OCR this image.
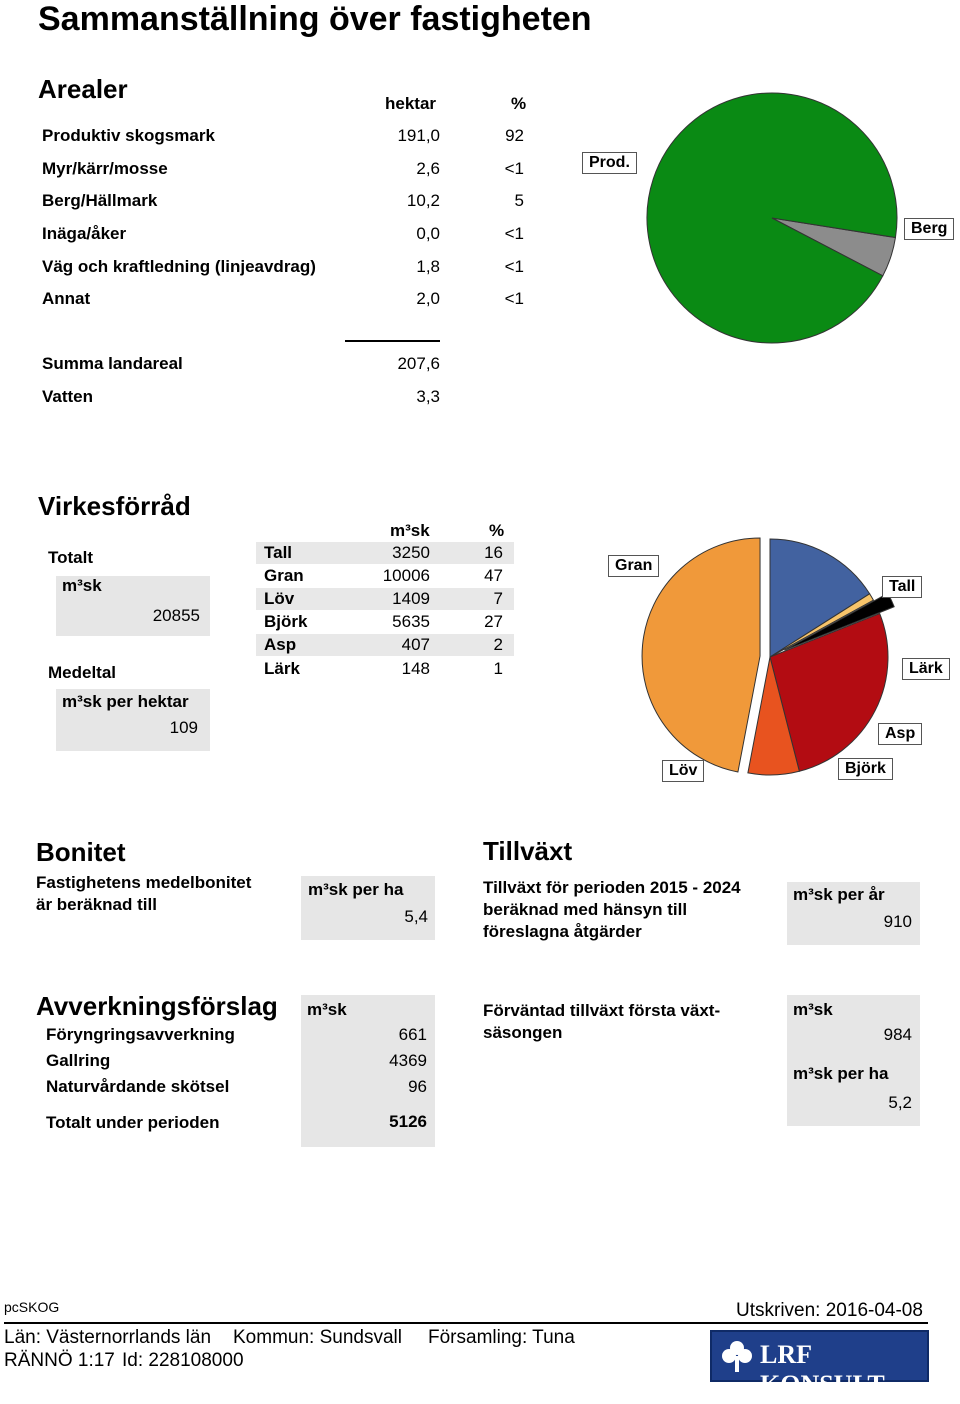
Sammanställning över fastigheten
Arealer	hektar	%
Produktiv skogsmark	191,0	92
Myr/kärr/mosse	2,6	<1
Berg/Hällmark	10,2	5
Inäga/åker	0,0	<1
Väg och kraftledning (linjeavdrag)	1,8	<1
Annat	2,0	<1
Summa landareal	207,6
Vatten	3,3
Prod.
Berg
Virkesförråd
Totalt
m³sk
20855
Medeltal
m³sk per hektar
109
m³sk	%
Tall	3250	16
Gran	10006	47
Löv	1409	7
Björk	5635	27
Asp	407	2
Lärk	148	1
Gran
Tall
Lärk
Asp
Björk
Löv
Bonitet
Fastighetens medelbonitet
är beräknad till
m³sk per ha
5,4
Tillväxt
Tillväxt för perioden 2015 - 2024
beräknad med hänsyn till
föreslagna åtgärder
m³sk per år
910
Avverkningsförslag m³sk
Föryngringsavverkning	661
Gallring	4369
Naturvårdande skötsel	96
Totalt under perioden	5126
Förväntad tillväxt första växt-
säsongen
m³sk
984
m³sk per ha
5,2
pcSKOG	Utskriven: 2016-04-08
Län: Västernorrlands län Kommun: Sundsvall Församling: Tuna
RÄNNÖ 1:17 Id: 228108000	LRF KONSULT
